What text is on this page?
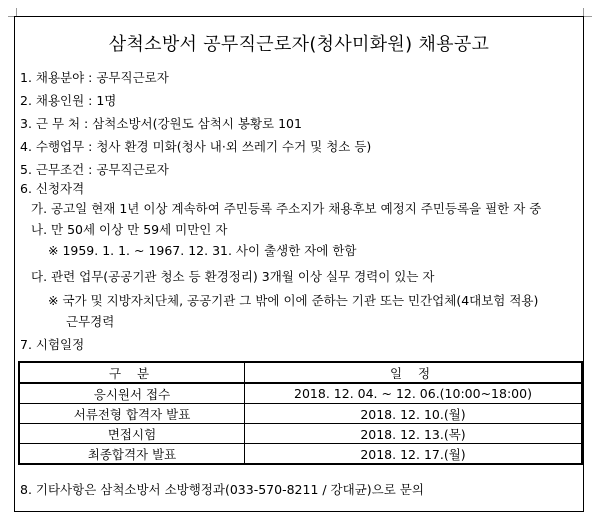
삼척소방서 공무직근로자(청사미화원) 채용공고
1. 채용분야 : 공무직근로자
2. 채용인원 : 1명
3. 근 무 처 : 삼척소방서(강원도 삼척시 봉황로 101
4. 수행업무 : 청사 환경 미화(청사 내·외 쓰레기 수거 및 청소 등)
5. 근무조건 : 공무직근로자
6. 신청자격
가. 공고일 현재 1년 이상 계속하여 주민등록 주소지가 채용후보 예정지 주민등록을 필한 자 중
나. 만 50세 이상 만 59세 미만인 자
※ 1959. 1. 1. ~ 1967. 12. 31. 사이 출생한 자에 한함
다. 관련 업무(공공기관 청소 등 환경정리) 3개월 이상 실무 경력이 있는 자
※ 국가 및 지방자치단체, 공공기관 그 밖에 이에 준하는 기관 또는 민간업체(4대보험 적용)
근무경력
7. 시험일정
구 분	일 정
응시원서 접수	2018. 12. 04. ~ 12. 06.(10:00~18:00)
서류전형 합격자 발표	2018. 12. 10.(월)
면접시험	2018. 12. 13.(목)
최종합격자 발표	2018. 12. 17.(월)
8. 기타사항은 삼척소방서 소방행정과(033-570-8211 / 강대균)으로 문의
